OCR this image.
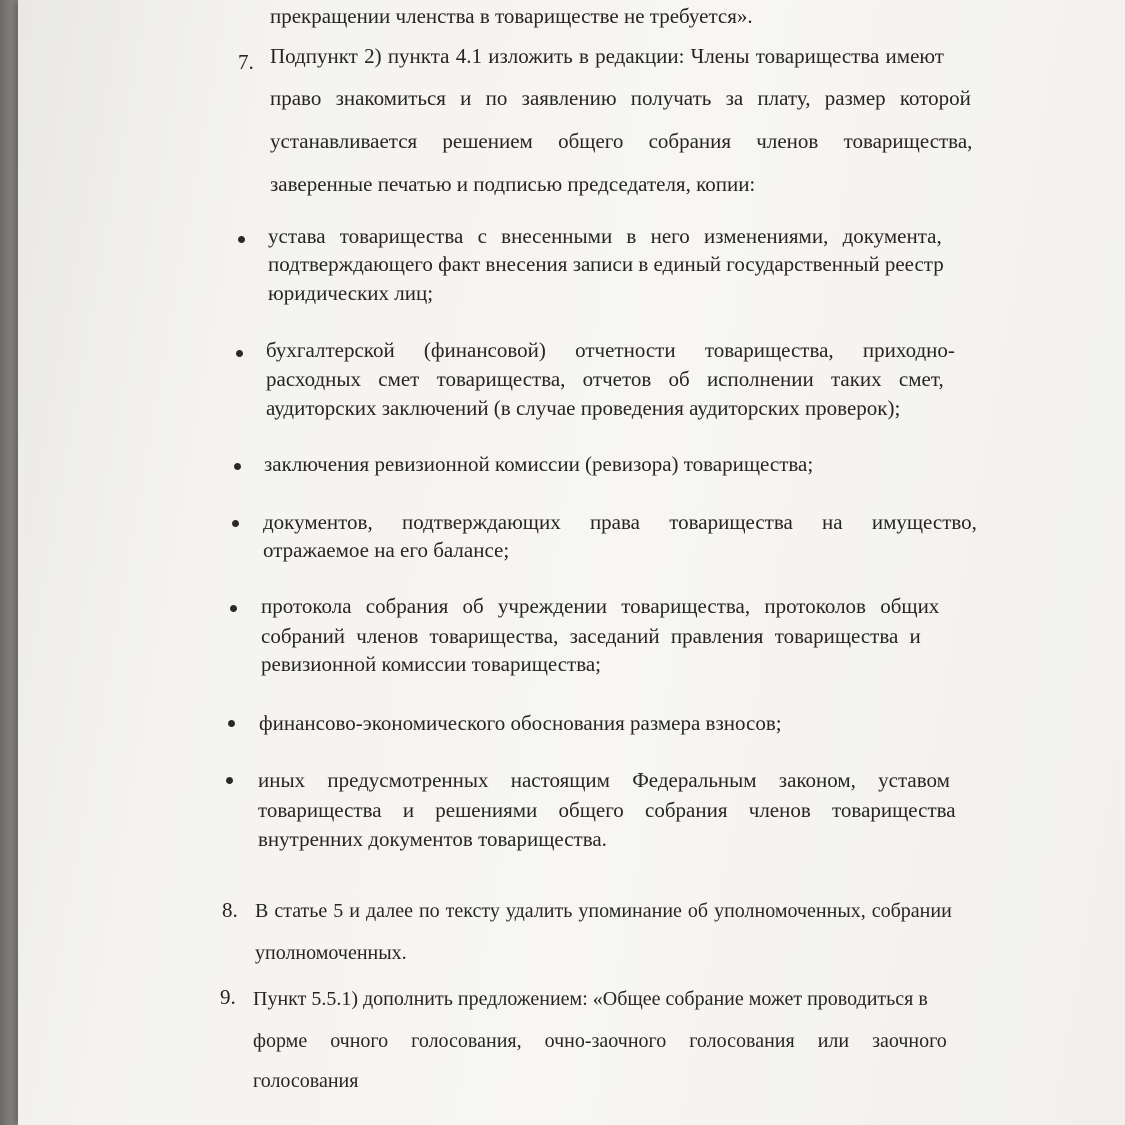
прекращении членства в товариществе не требуется».
7. Подпункт 2) пункта 4.1 изложить в редакции: Члены товарищества имеют
право знакомиться и по заявлению получать за плату, размер которой
устанавливается решением общего собрания членов товарищества,
заверенные печатью и подписью председателя, копии:
устава товарищества с внесенными в него изменениями, документа,
подтверждающего факт внесения записи в единый государственный реестр
юридических лиц;
бухгалтерской (финансовой) отчетности товарищества, приходно-
расходных смет товарищества, отчетов об исполнении таких смет,
аудиторских заключений (в случае проведения аудиторских проверок);
заключения ревизионной комиссии (ревизора) товарищества;
документов, подтверждающих права товарищества на имущество,
отражаемое на его балансе;
протокола собрания об учреждении товарищества, протоколов общих
собраний членов товарищества, заседаний правления товарищества и
ревизионной комиссии товарищества;
финансово-экономического обоснования размера взносов;
иных предусмотренных настоящим Федеральным законом, уставом
товарищества и решениями общего собрания членов товарищества
внутренних документов товарищества.
8. В статье 5 и далее по тексту удалить упоминание об уполномоченных, собрании
уполномоченных.
9. Пункт 5.5.1) дополнить предложением: «Общее собрание может проводиться в
форме очного голосования, очно-заочного голосования или заочного
голосования
